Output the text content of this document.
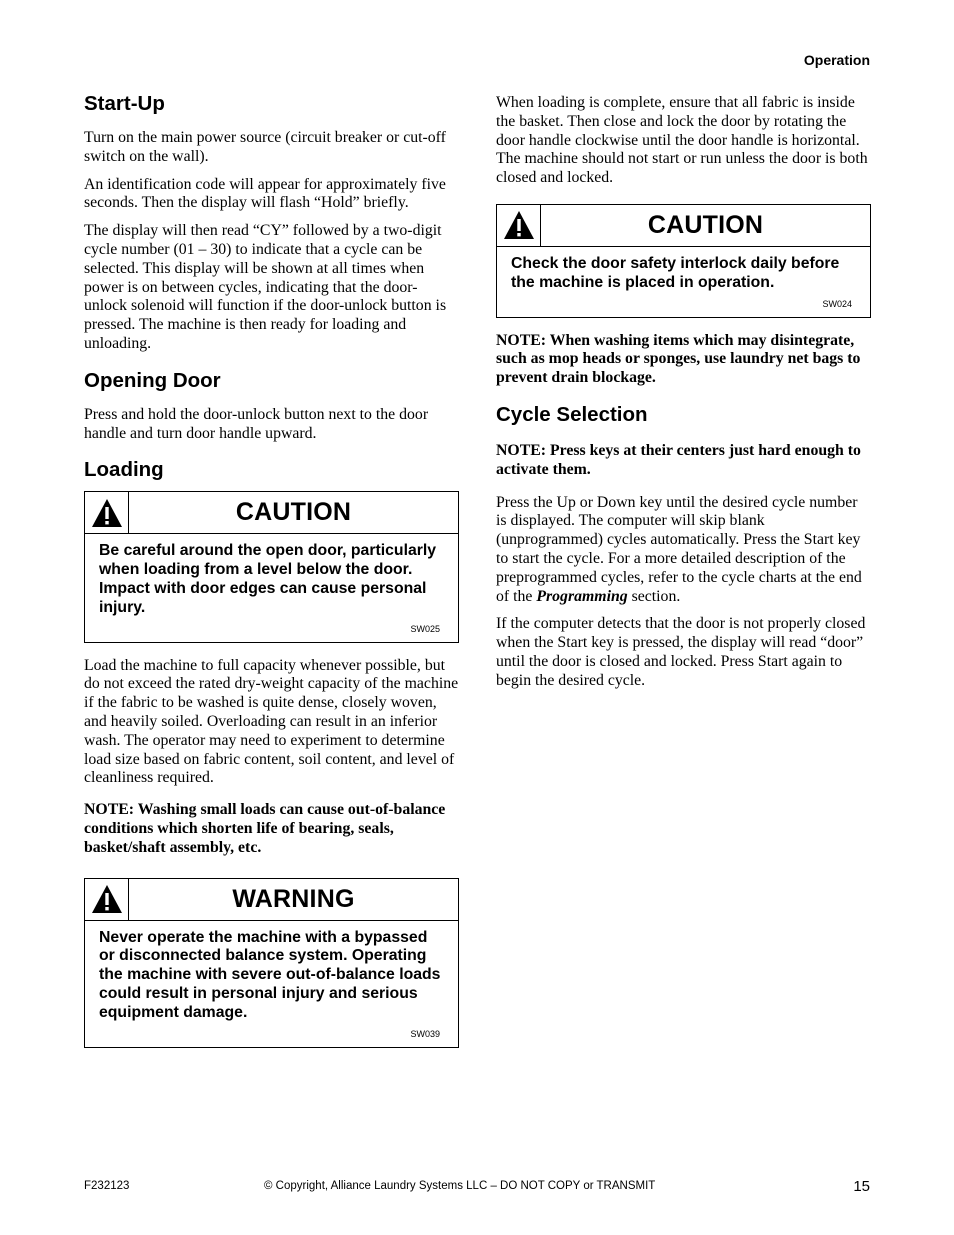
Operation
Start-Up

Turn on the main power source (circuit breaker or cut-off switch on the wall).

An identification code will appear for approximately five seconds. Then the display will flash “Hold” briefly.

The display will then read “CY” followed by a two-digit cycle number (01 – 30) to indicate that a cycle can be selected. This display will be shown at all times when power is on between cycles, indicating that the door-unlock solenoid will function if the door-unlock button is pressed. The machine is then ready for loading and unloading.

Opening Door

Press and hold the door-unlock button next to the door handle and turn door handle upward.

Loading
CAUTION
Be careful around the open door, particularly when loading from a level below the door. Impact with door edges can cause personal injury.
SW025

Load the machine to full capacity whenever possible, but do not exceed the rated dry-weight capacity of the machine if the fabric to be washed is quite dense, closely woven, and heavily soiled. Overloading can result in an inferior wash. The operator may need to experiment to determine load size based on fabric content, soil content, and level of cleanliness required.

NOTE: Washing small loads can cause out-of-balance conditions which shorten life of bearing, seals, basket/shaft assembly, etc.

WARNING
Never operate the machine with a bypassed or disconnected balance system. Operating the machine with severe out-of-balance loads could result in personal injury and serious equipment damage.
SW039

When loading is complete, ensure that all fabric is inside the basket. Then close and lock the door by rotating the door handle clockwise until the door handle is horizontal. The machine should not start or run unless the door is both closed and locked.

CAUTION
Check the door safety interlock daily before the machine is placed in operation.
SW024

NOTE: When washing items which may disintegrate, such as mop heads or sponges, use laundry net bags to prevent drain blockage.

Cycle Selection

NOTE: Press keys at their centers just hard enough to activate them.

Press the Up or Down key until the desired cycle number is displayed. The computer will skip blank (unprogrammed) cycles automatically. Press the Start key to start the cycle. For a more detailed description of the preprogrammed cycles, refer to the cycle charts at the end of the Programming section.

If the computer detects that the door is not properly closed when the Start key is pressed, the display will read “door” until the door is closed and locked. Press Start again to begin the desired cycle.

F232123	© Copyright, Alliance Laundry Systems LLC – DO NOT COPY or TRANSMIT	15
